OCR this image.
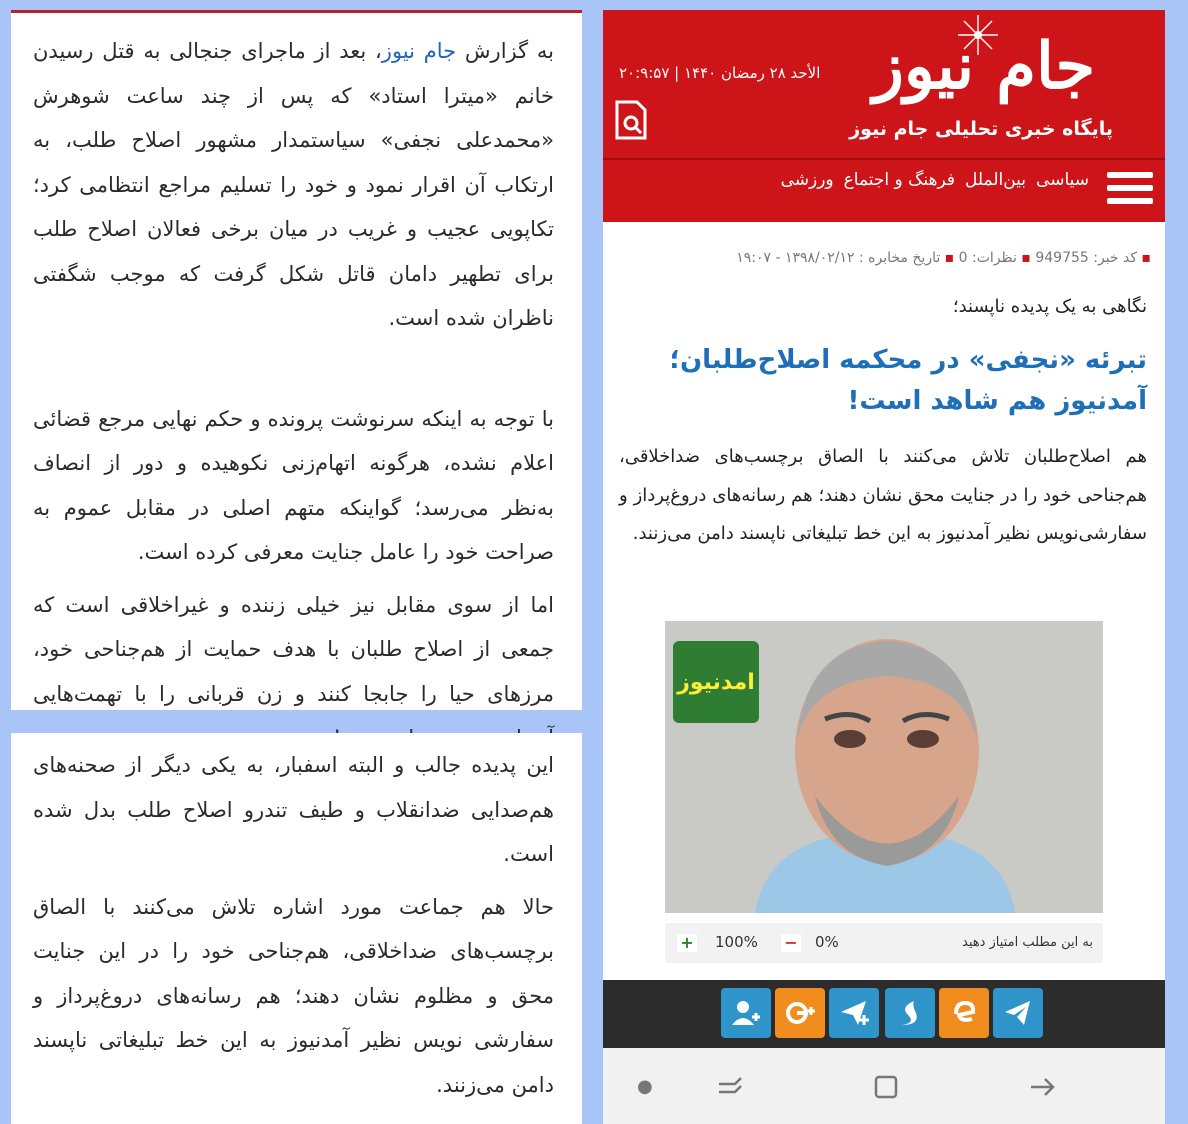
به گزارش جام نیوز، بعد از ماجرای جنجالی به قتل رسیدن خانم «میترا استاد» که پس از چند ساعت شوهرش «محمدعلی نجفی» سیاستمدار مشهور اصلاح طلب، به ارتکاب آن اقرار نمود و خود را تسلیم مراجع انتظامی کرد؛ تکاپویی عجیب و غریب در میان برخی فعالان اصلاح طلب برای تطهیر دامان قاتل شکل گرفت که موجب شگفتی ناظران شده است.

با توجه به اینکه سرنوشت پرونده و حکم نهایی مرجع قضائی اعلام نشده، هرگونه اتهام‌زنی نکوهیده و دور از انصاف به‌نظر می‌رسد؛ گواینکه متهم اصلی در مقابل عموم به صراحت خود را عامل جنایت معرفی کرده است.

اما از سوی مقابل نیز خیلی زننده و غیراخلاقی است که جمعی از اصلاح طلبان با هدف حمایت از هم‌جناحی خود، مرزهای حیا را جابجا کنند و زن قربانی را با تهمت‌هایی

این پدیده جالب و البته اسفبار، به یکی دیگر از صحنه‌های هم‌صدایی ضدانقلاب و طیف تندرو اصلاح طلب بدل شده است.

حالا هم جماعت مورد اشاره تلاش می‌کنند با الصاق برچسب‌های ضداخلاقی، هم‌جناحی خود را در این جنایت محق و مظلوم نشان دهند؛ هم رسانه‌های دروغ‌پرداز و سفارشی نویس نظیر آمدنیوز به این خط تبلیغاتی ناپسند دامن می‌زنند.

جام نیوز
پایگاه خبری تحلیلی جام نیوز
الأحد ۲۸ رمضان ۱۴۴۰ | ۲۰:۹:۵۷
سیاسی
بین‌الملل
فرهنگ و اجتماع
ورزشی
▪ کد خبر: 949755 ▪ نظرات: 0 ▪ تاریخ مخابره : ۱۳۹۸/۰۲/۱۲ - ۱۹:۰۷
نگاهی به یک پدیده ناپسند؛
تبرئه «نجفی» در محکمه اصلاح‌طلبان؛ آمدنیوز هم شاهد است!
هم اصلاح‌طلبان تلاش می‌کنند با الصاق برچسب‌های ضداخلاقی، هم‌جناحی خود را در جنایت محق نشان دهند؛ هم رسانه‌های دروغ‌پرداز و سفارشی‌نویس نظیر آمدنیوز به این خط تبلیغاتی ناپسند دامن می‌زنند.
امدنیوز
به این مطلب امتیاز دهید
− 0%
+ 100%
●
